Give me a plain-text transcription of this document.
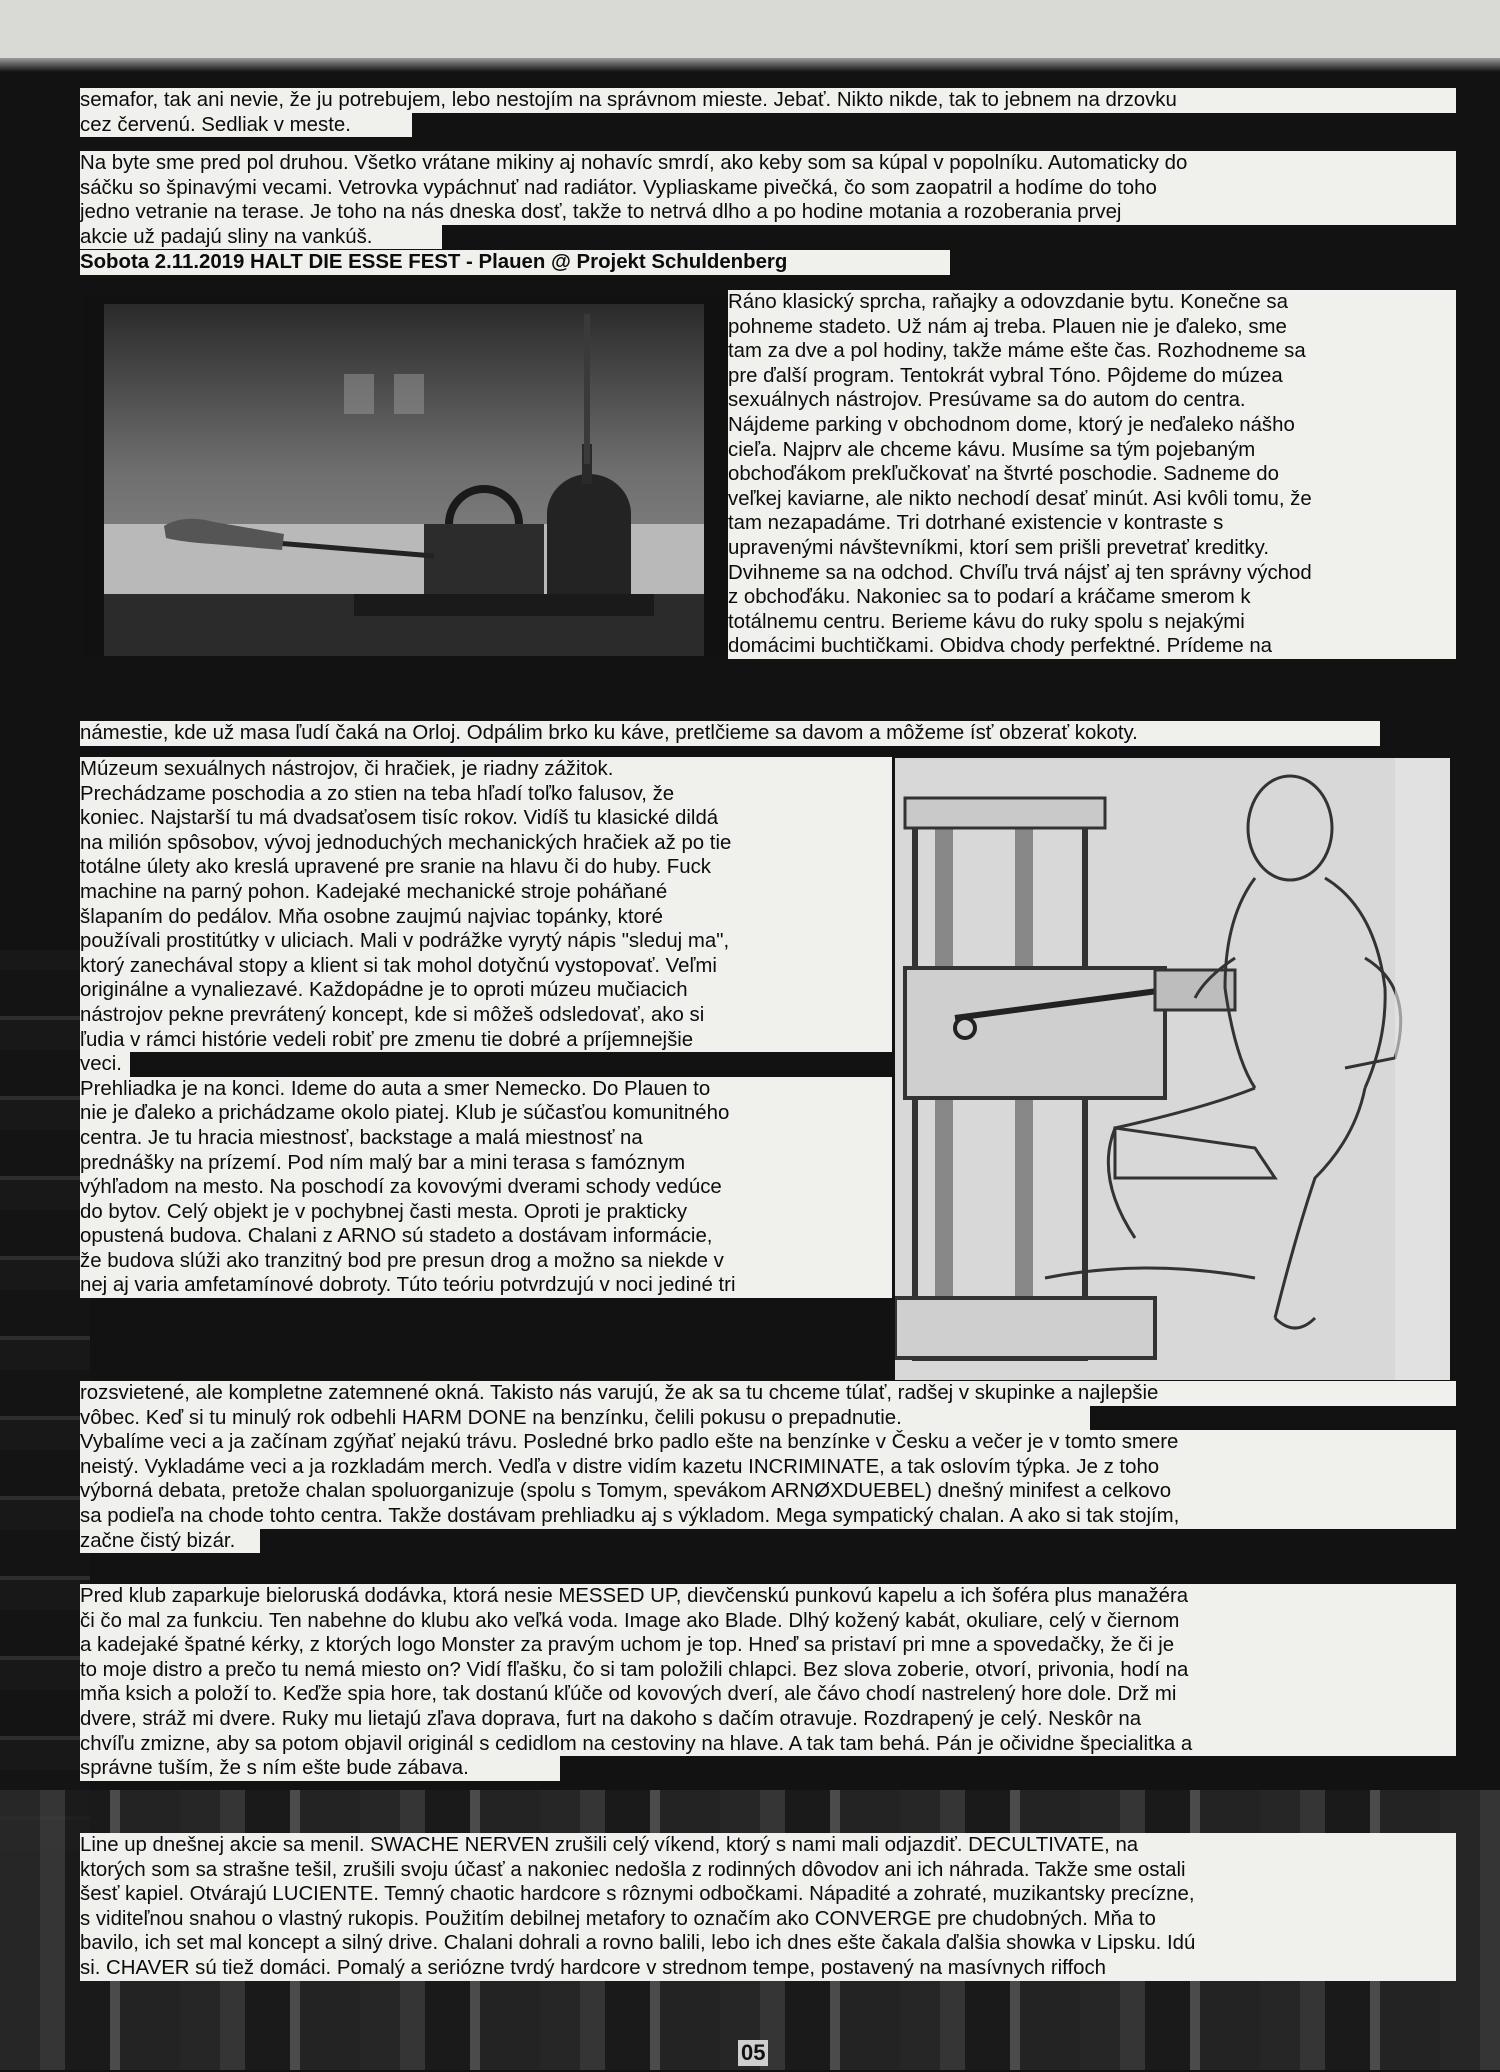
semafor, tak ani nevie, že ju potrebujem, lebo nestojím na správnom mieste. Jebať. Nikto nikde, tak to jebnem na drzovku
cez červenú. Sedliak v meste.
Na byte sme pred pol druhou. Všetko vrátane mikiny aj nohavíc smrdí, ako keby som sa kúpal v popolníku. Automaticky do
sáčku so špinavými vecami. Vetrovka vypáchnuť nad radiátor. Vypliaskame pivečká, čo som zaopatril a hodíme do toho
jedno vetranie na terase. Je toho na nás dneska dosť, takže to netrvá dlho a po hodine motania a rozoberania prvej
akcie už padajú sliny na vankúš.
Sobota 2.11.2019 HALT DIE ESSE FEST - Plauen @ Projekt Schuldenberg
Ráno klasický sprcha, raňajky a odovzdanie bytu. Konečne sa
pohneme stadeto. Už nám aj treba. Plauen nie je ďaleko, sme
tam za dve a pol hodiny, takže máme ešte čas. Rozhodneme sa
pre ďalší program. Tentokrát vybral Tóno. Pôjdeme do múzea
sexuálnych nástrojov. Presúvame sa do autom do centra.
Nájdeme parking v obchodnom dome, ktorý je neďaleko nášho
cieľa. Najprv ale chceme kávu. Musíme sa tým pojebaným
obchoďákom prekľučkovať na štvrté poschodie. Sadneme do
veľkej kaviarne, ale nikto nechodí desať minút. Asi kvôli tomu, že
tam nezapadáme. Tri dotrhané existencie v kontraste s
upravenými návštevníkmi, ktorí sem prišli prevetrať kreditky.
Dvihneme sa na odchod. Chvíľu trvá nájsť aj ten správny východ
z obchoďáku. Nakoniec sa to podarí a kráčame smerom k
totálnemu centru. Berieme kávu do ruky spolu s nejakými
domácimi buchtičkami. Obidva chody perfektné. Prídeme na
námestie, kde už masa ľudí čaká na Orloj. Odpálim brko ku káve, pretlčieme sa davom a môžeme ísť obzerať kokoty.
Múzeum sexuálnych nástrojov, či hračiek, je riadny zážitok.
Prechádzame poschodia a zo stien na teba hľadí toľko falusov, že
koniec. Najstarší tu má dvadsaťosem tisíc rokov. Vidíš tu klasické dildá
na milión spôsobov, vývoj jednoduchých mechanických hračiek až po tie
totálne úlety ako kreslá upravené pre sranie na hlavu či do huby. Fuck
machine na parný pohon. Kadejaké mechanické stroje poháňané
šlapaním do pedálov. Mňa osobne zaujmú najviac topánky, ktoré
používali prostitútky v uliciach. Mali v podrážke vyrytý nápis "sleduj ma",
ktorý zanechával stopy a klient si tak mohol dotyčnú vystopovať. Veľmi
originálne a vynaliezavé. Každopádne je to oproti múzeu mučiacich
nástrojov pekne prevrátený koncept, kde si môžeš odsledovať, ako si
ľudia v rámci histórie vedeli robiť pre zmenu tie dobré a príjemnejšie
veci.
Prehliadka je na konci. Ideme do auta a smer Nemecko. Do Plauen to
nie je ďaleko a prichádzame okolo piatej. Klub je súčasťou komunitného
centra. Je tu hracia miestnosť, backstage a malá miestnosť na
prednášky na prízemí. Pod ním malý bar a mini terasa s famóznym
výhľadom na mesto. Na poschodí za kovovými dverami schody vedúce
do bytov. Celý objekt je v pochybnej časti mesta. Oproti je prakticky
opustená budova. Chalani z ARNO sú stadeto a dostávam informácie,
že budova slúži ako tranzitný bod pre presun drog a možno sa niekde v
nej aj varia amfetamínové dobroty. Túto teóriu potvrdzujú v noci jediné tri
rozsvietené, ale kompletne zatemnené okná. Takisto nás varujú, že ak sa tu chceme túlať, radšej v skupinke a najlepšie
vôbec. Keď si tu minulý rok odbehli HARM DONE na benzínku, čelili pokusu o prepadnutie.
Vybalíme veci a ja začínam zgýňať nejakú trávu. Posledné brko padlo ešte na benzínke v Česku a večer je v tomto smere
neistý. Vykladáme veci a ja rozkladám merch. Vedľa v distre vidím kazetu INCRIMINATE, a tak oslovím týpka. Je z toho
výborná debata, pretože chalan spoluorganizuje (spolu s Tomym, spevákom ARNØXDUEBEL) dnešný minifest a celkovo
sa podieľa na chode tohto centra. Takže dostávam prehliadku aj s výkladom. Mega sympatický chalan. A ako si tak stojím,
začne čistý bizár.
Pred klub zaparkuje bieloruská dodávka, ktorá nesie MESSED UP, dievčenskú punkovú kapelu a ich šoféra plus manažéra
či čo mal za funkciu. Ten nabehne do klubu ako veľká voda. Image ako Blade. Dlhý kožený kabát, okuliare, celý v čiernom
a kadejaké špatné kérky, z ktorých logo Monster za pravým uchom je top. Hneď sa pristaví pri mne a spovedačky, že či je
to moje distro a prečo tu nemá miesto on? Vidí fľašku, čo si tam položili chlapci. Bez slova zoberie, otvorí, privonia, hodí na
mňa ksich a položí to. Keďže spia hore, tak dostanú kľúče od kovových dverí, ale čávo chodí nastrelený hore dole. Drž mi
dvere, stráž mi dvere. Ruky mu lietajú zľava doprava, furt na dakoho s dačím otravuje. Rozdrapený je celý. Neskôr na
chvíľu zmizne, aby sa potom objavil originál s cedidlom na cestoviny na hlave. A tak tam behá. Pán je očividne špecialitka a
správne tuším, že s ním ešte bude zábava.
Line up dnešnej akcie sa menil. SWACHE NERVEN zrušili celý víkend, ktorý s nami mali odjazdiť. DECULTIVATE, na
ktorých som sa strašne tešil, zrušili svoju účasť a nakoniec nedošla z rodinných dôvodov ani ich náhrada. Takže sme ostali
šesť kapiel. Otvárajú LUCIENTE. Temný chaotic hardcore s rôznymi odbočkami. Nápadité a zohraté, muzikantsky precízne,
s viditeľnou snahou o vlastný rukopis. Použitím debilnej metafory to označím ako CONVERGE pre chudobných. Mňa to
bavilo, ich set mal koncept a silný drive. Chalani dohrali a rovno balili, lebo ich dnes ešte čakala ďalšia showka v Lipsku. Idú
si. CHAVER sú tiež domáci. Pomalý a seriózne tvrdý hardcore v strednom tempe, postavený na masívnych riffoch
05
